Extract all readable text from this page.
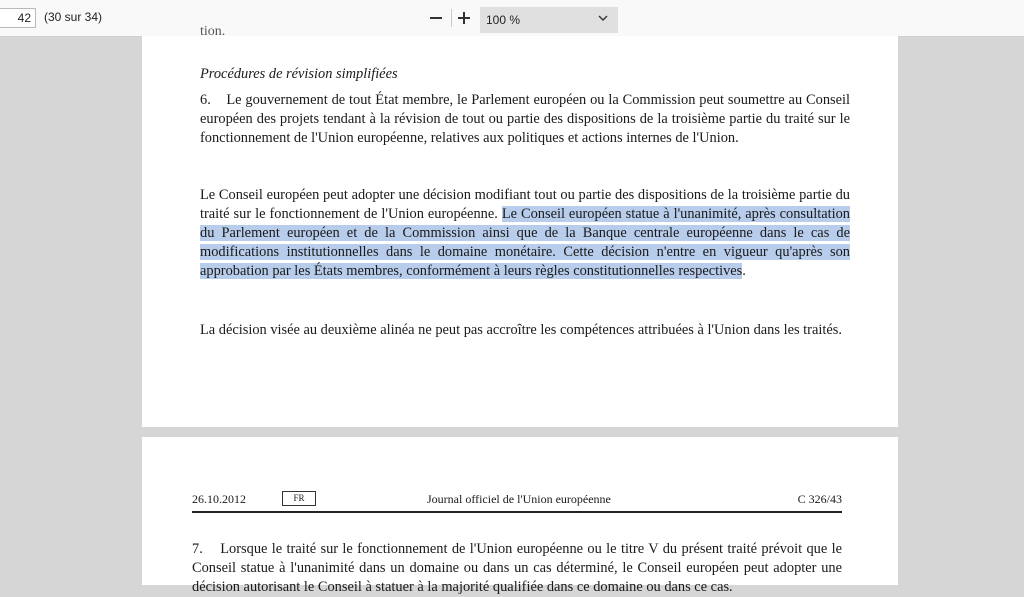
42	(30 sur 34)	100 %
tion.
Procédures de révision simplifiées
6.    Le gouvernement de tout État membre, le Parlement européen ou la Commission peut soumettre au Conseil européen des projets tendant à la révision de tout ou partie des dispositions de la troisième partie du traité sur le fonctionnement de l'Union européenne, relatives aux politiques et actions internes de l'Union.
Le Conseil européen peut adopter une décision modifiant tout ou partie des dispositions de la troisième partie du traité sur le fonctionnement de l'Union européenne. Le Conseil européen statue à l'unanimité, après consultation du Parlement européen et de la Commission ainsi que de la Banque centrale européenne dans le cas de modifications institutionnelles dans le domaine monétaire. Cette décision n'entre en vigueur qu'après son approbation par les États membres, conformément à leurs règles constitutionnelles respectives.
La décision visée au deuxième alinéa ne peut pas accroître les compétences attribuées à l'Union dans les traités.
26.10.2012	FR	Journal officiel de l'Union européenne	C 326/43
7.    Lorsque le traité sur le fonctionnement de l'Union européenne ou le titre V du présent traité prévoit que le Conseil statue à l'unanimité dans un domaine ou dans un cas déterminé, le Conseil européen peut adopter une décision autorisant le Conseil à statuer à la majorité qualifiée dans ce domaine ou dans ce cas.
